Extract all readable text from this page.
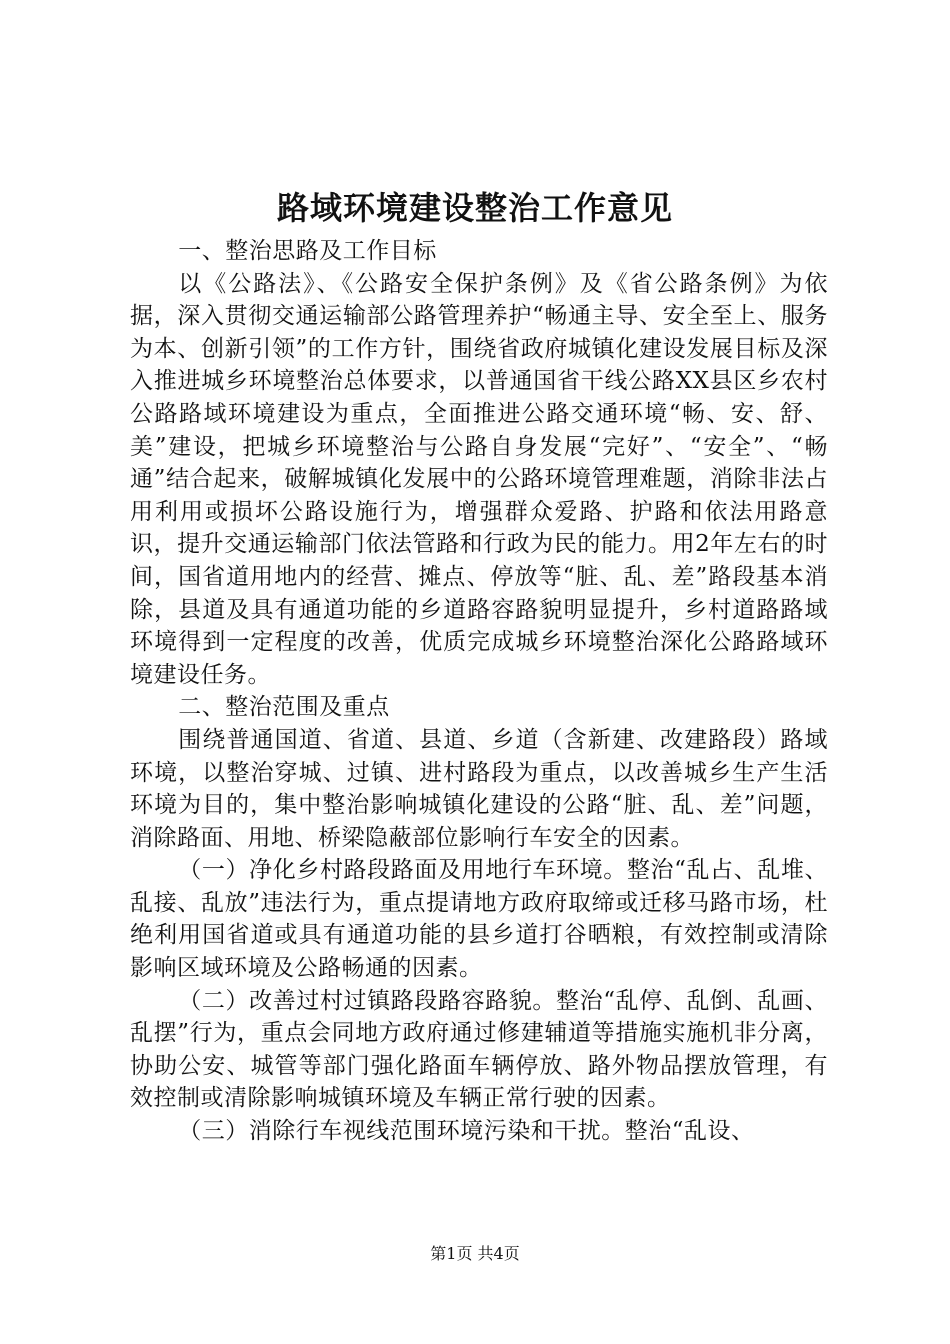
路域环境建设整治工作意见

一、整治思路及工作目标

以《公路法》、《公路安全保护条例》及《省公路条例》为依据，深入贯彻交通运输部公路管理养护“畅通主导、安全至上、服务为本、创新引领”的工作方针，围绕省政府城镇化建设发展目标及深入推进城乡环境整治总体要求，以普通国省干线公路XX县区乡农村公路路域环境建设为重点，全面推进公路交通环境“畅、安、舒、美”建设，把城乡环境整治与公路自身发展“完好”、“安全”、“畅通”结合起来，破解城镇化发展中的公路环境管理难题，消除非法占用利用或损坏公路设施行为，增强群众爱路、护路和依法用路意识，提升交通运输部门依法管路和行政为民的能力。用2年左右的时间，国省道用地内的经营、摊点、停放等“脏、乱、差”路段基本消除，县道及具有通道功能的乡道路容路貌明显提升，乡村道路路域环境得到一定程度的改善，优质完成城乡环境整治深化公路路域环境建设任务。

二、整治范围及重点

围绕普通国道、省道、县道、乡道（含新建、改建路段）路域环境，以整治穿城、过镇、进村路段为重点，以改善城乡生产生活环境为目的，集中整治影响城镇化建设的公路“脏、乱、差”问题，消除路面、用地、桥梁隐蔽部位影响行车安全的因素。

（一）净化乡村路段路面及用地行车环境。整治“乱占、乱堆、乱接、乱放”违法行为，重点提请地方政府取缔或迁移马路市场，杜绝利用国省道或具有通道功能的县乡道打谷晒粮，有效控制或清除影响区域环境及公路畅通的因素。

（二）改善过村过镇路段路容路貌。整治“乱停、乱倒、乱画、乱摆”行为，重点会同地方政府通过修建辅道等措施实施机非分离，协助公安、城管等部门强化路面车辆停放、路外物品摆放管理，有效控制或清除影响城镇环境及车辆正常行驶的因素。

（三）消除行车视线范围环境污染和干扰。整治“乱设、

第1页 共4页
